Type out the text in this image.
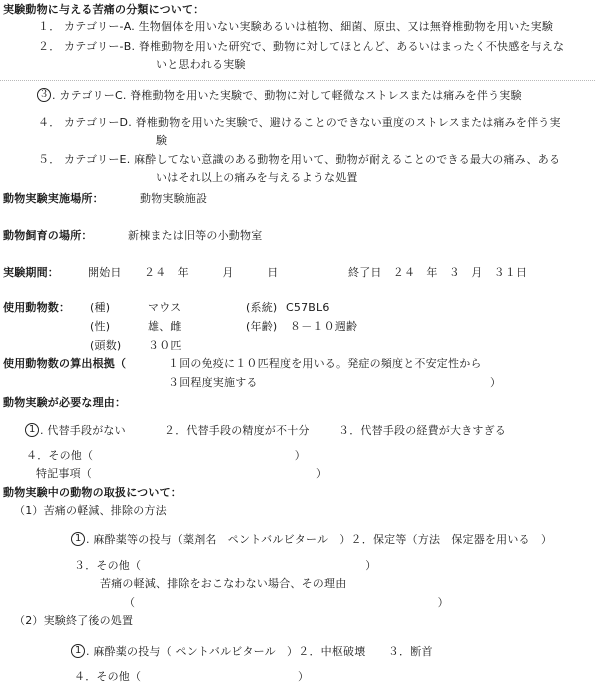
実験動物に与える苦痛の分類について：
１． カテゴリー-A. 生物個体を用いない実験あるいは植物、細菌、原虫、又は無脊椎動物を用いた実験
２． カテゴリー-B. 脊椎動物を用いた研究で、動物に対してほとんど、あるいはまったく不快感を与えな
いと思われる実験
３ . カテゴリーC. 脊椎動物を用いた実験で、動物に対して軽微なストレスまたは痛みを伴う実験
４． カテゴリーD. 脊椎動物を用いた実験で、避けることのできない重度のストレスまたは痛みを伴う実
験
５． カテゴリーE. 麻酔してない意識のある動物を用いて、動物が耐えることのできる最大の痛み、ある
いはそれ以上の痛みを与えるような処置
動物実験実施場所：	動物実験施設
動物飼育の場所：	新棟または旧等の小動物室
実験期間：	開始日　　２４　年　　　月　　　日	終了日　２４　年　３　月　３１日
使用動物数： (種)	マウス	(系統) C57BL6
(性)	雄、雌	(年齢) ８－１０週齢
(頭数) ３０匹
使用動物数の算出根拠（	１回の免疫に１０匹程度を用いる。発症の頻度と不安定性から
３回程度実施する	）
動物実験が必要な理由：
1 . 代替手段がない	２．代替手段の精度が不十分	３．代替手段の経費が大きすぎる
４．その他（　　　　　　　　　　　　　　　　　　）
特記事項（　　　　　　　　　　　　　　　　　　　　）
動物実験中の動物の取扱について：
（1）苦痛の軽減、排除の方法
1 . 麻酔薬等の投与（薬剤名　ペントバルビタール　）２．保定等（方法　保定器を用いる　）
３．その他（　　　　　　　　　　　　　　　　　　　　）
苦痛の軽減、排除をおこなわない場合、その理由
（　　　　　　　　　　　　　　　　　　　　　　　　　　　）
（2）実験終了後の処置
1 . 麻酔薬の投与（ ペントバルビタール　）２．中枢破壊　　３．断首
４．その他（　　　　　　　　　　　　　　）
